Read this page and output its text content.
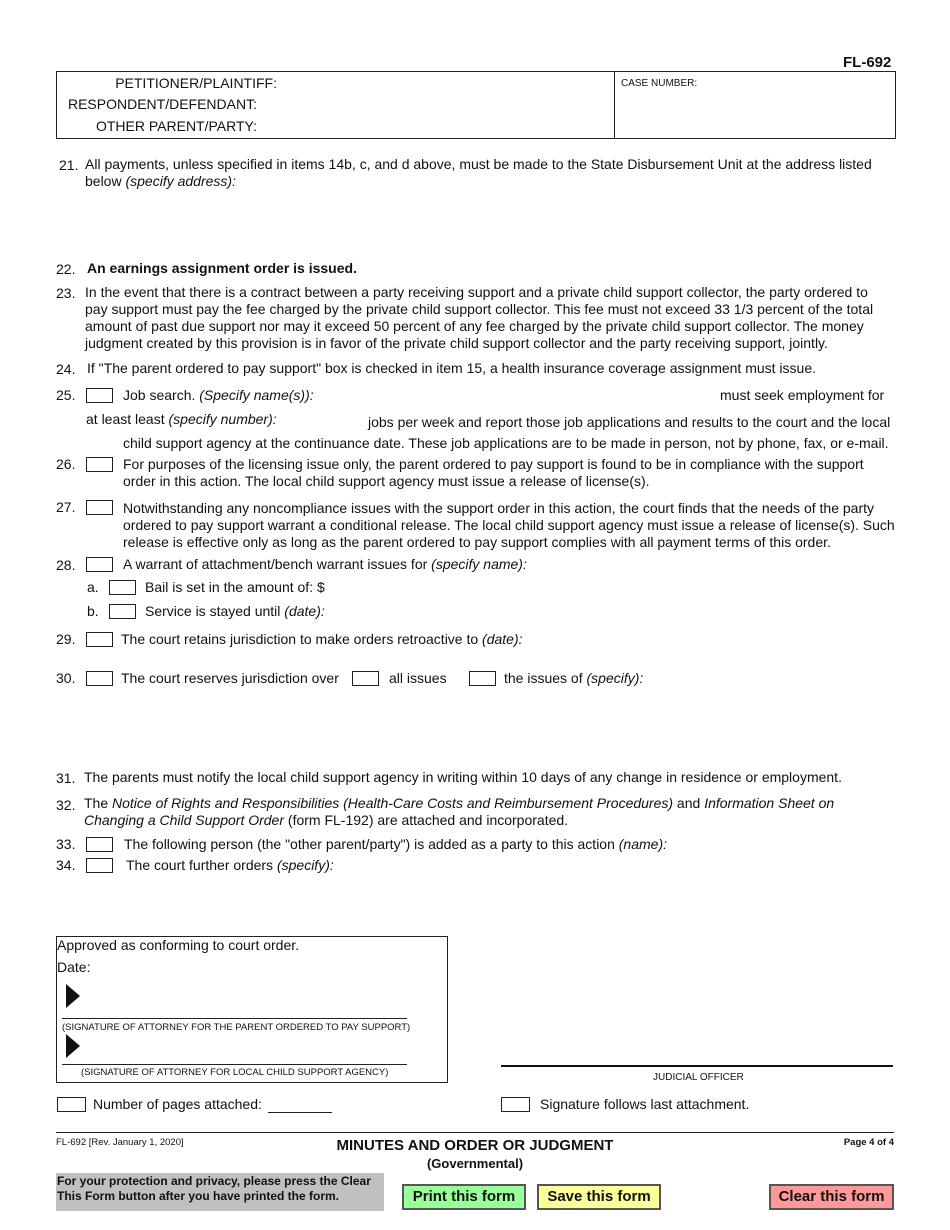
FL-692
PETITIONER/PLAINTIFF:
RESPONDENT/DEFENDANT:
OTHER PARENT/PARTY:
CASE NUMBER:
21. All payments, unless specified in items 14b, c, and d above, must be made to the State Disbursement Unit at the address listed
below (specify address):
22. An earnings assignment order is issued.
23. In the event that there is a contract between a party receiving support and a private child support collector, the party ordered to pay support must pay the fee charged by the private child support collector. This fee must not exceed 33 1/3 percent of the total amount of past due support nor may it exceed 50 percent of any fee charged by the private child support collector. The money judgment created by this provision is in favor of the private child support collector and the party receiving support, jointly.
24. If "The parent ordered to pay support" box is checked in item 15, a health insurance coverage assignment must issue.
25.	Job search. (Specify name(s)):	must seek employment for
at least least (specify number):	jobs per week and report those job applications and results to the court and the local
child support agency at the continuance date. These job applications are to be made in person, not by phone, fax, or e-mail.
26.	For purposes of the licensing issue only, the parent ordered to pay support is found to be in compliance with the support order in this action. The local child support agency must issue a release of license(s).
27.	Notwithstanding any noncompliance issues with the support order in this action, the court finds that the needs of the party ordered to pay support warrant a conditional release. The local child support agency must issue a release of license(s). Such release is effective only as long as the parent ordered to pay support complies with all payment terms of this order.
28.	A warrant of attachment/bench warrant issues for (specify name):
a.	Bail is set in the amount of: $
b.	Service is stayed until (date):
29.	The court retains jurisdiction to make orders retroactive to (date):
30.	The court reserves jurisdiction over	all issues	the issues of (specify):
31. The parents must notify the local child support agency in writing within 10 days of any change in residence or employment.
32. The Notice of Rights and Responsibilities (Health-Care Costs and Reimbursement Procedures) and Information Sheet on
Changing a Child Support Order (form FL-192) are attached and incorporated.
33.	The following person (the "other parent/party") is added as a party to this action (name):
34.	The court further orders (specify):
Approved as conforming to court order.
Date:
(SIGNATURE OF ATTORNEY FOR THE PARENT ORDERED TO PAY SUPPORT)
(SIGNATURE OF ATTORNEY FOR LOCAL CHILD SUPPORT AGENCY)	JUDICIAL OFFICER
Number of pages attached:	Signature follows last attachment.
FL-692 [Rev. January 1, 2020]	MINUTES AND ORDER OR JUDGMENT
(Governmental)
Page 4 of 4
For your protection and privacy, please press the Clear This Form button after you have printed the form.	Print this form	Save this form	Clear this form
